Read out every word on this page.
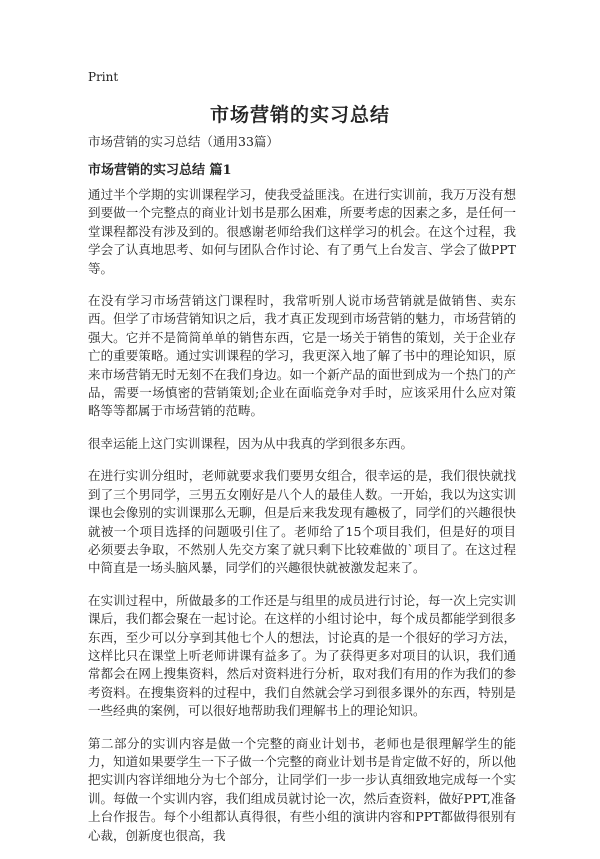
Print
市场营销的实习总结

市场营销的实习总结（通用33篇）

市场营销的实习总结 篇1

通过半个学期的实训课程学习，使我受益匪浅。在进行实训前，我万万没有想到要做一个完整点的商业计划书是那么困难，所要考虑的因素之多，是任何一堂课程都没有涉及到的。很感谢老师给我们这样学习的机会。在这个过程，我学会了认真地思考、如何与团队合作讨论、有了勇气上台发言、学会了做PPT等。

在没有学习市场营销这门课程时，我常听别人说市场营销就是做销售、卖东西。但学了市场营销知识之后，我才真正发现到市场营销的魅力，市场营销的强大。它并不是简简单单的销售东西，它是一场关于销售的策划，关于企业存亡的重要策略。通过实训课程的学习，我更深入地了解了书中的理论知识，原来市场营销无时无刻不在我们身边。如一个新产品的面世到成为一个热门的产品，需要一场慎密的营销策划;企业在面临竞争对手时，应该采用什么应对策略等等都属于市场营销的范畴。

很幸运能上这门实训课程，因为从中我真的学到很多东西。

在进行实训分组时，老师就要求我们要男女组合，很幸运的是，我们很快就找到了三个男同学，三男五女刚好是八个人的最佳人数。一开始，我以为这实训课也会像别的实训课那么无聊，但是后来我发现有趣极了，同学们的兴趣很快就被一个项目选择的问题吸引住了。老师给了15个项目我们，但是好的项目必须要去争取，不然别人先交方案了就只剩下比较难做的`项目了。在这过程中简直是一场头脑风暴，同学们的兴趣很快就被激发起来了。

在实训过程中，所做最多的工作还是与组里的成员进行讨论，每一次上完实训课后，我们都会聚在一起讨论。在这样的小组讨论中，每个成员都能学到很多东西，至少可以分享到其他七个人的想法，讨论真的是一个很好的学习方法，这样比只在课堂上听老师讲课有益多了。为了获得更多对项目的认识，我们通常都会在网上搜集资料，然后对资料进行分析，取对我们有用的作为我们的参考资料。在搜集资料的过程中，我们自然就会学习到很多课外的东西，特别是一些经典的案例，可以很好地帮助我们理解书上的理论知识。

第二部分的实训内容是做一个完整的商业计划书，老师也是很理解学生的能力，知道如果要学生一下子做一个完整的商业计划书是肯定做不好的，所以他把实训内容详细地分为七个部分，让同学们一步一步认真细致地完成每一个实训。每做一个实训内容，我们组成员就讨论一次，然后查资料，做好PPT,准备上台作报告。每个小组都认真得很，有些小组的演讲内容和PPT都做得很别有心裁，创新度也很高，我
